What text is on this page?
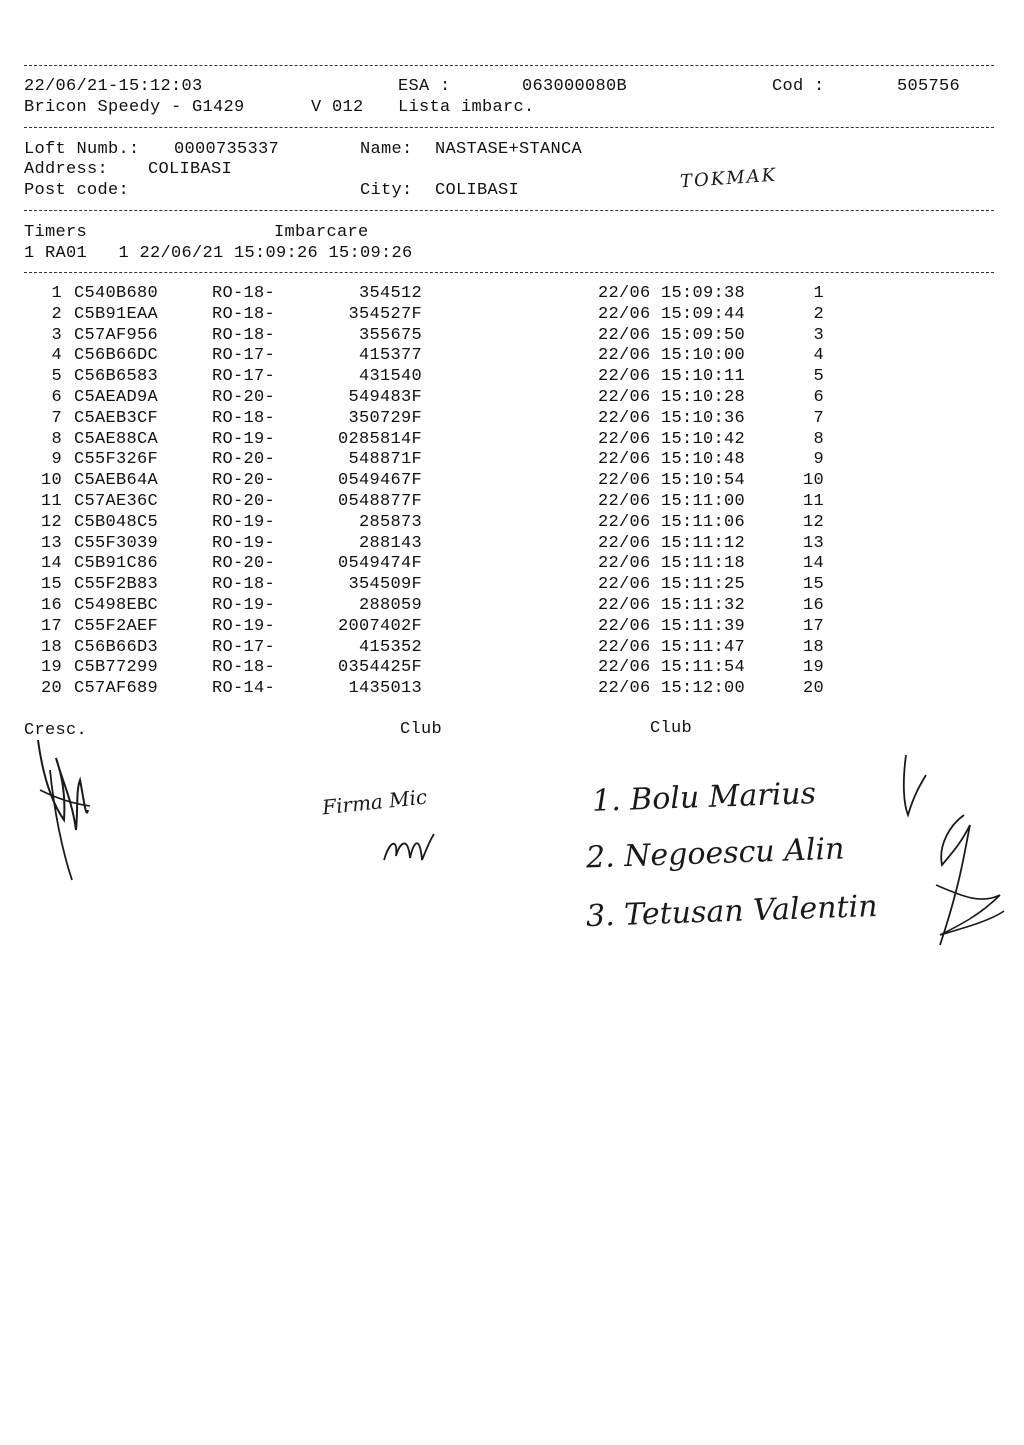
22/06/21-15:12:03	ESA :	063000080B	Cod :	505756
Bricon Speedy - G1429	V 012 Lista imbarc.
Loft Numb.: 0000735337	Name: NASTASE+STANCA
Address: COLIBASI
Post code:	City: COLIBASI	TOKMAK
Timers	Imbarcare
1 RA01   1 22/06/21 15:09:26 15:09:26
1 C540B680	RO-18-	354512	22/06 15:09:38	1
2 C5B91EAA	RO-18-	354527F	22/06 15:09:44	2
3 C57AF956	RO-18-	355675	22/06 15:09:50	3
4 C56B66DC	RO-17-	415377	22/06 15:10:00	4
5 C56B6583	RO-17-	431540	22/06 15:10:11	5
6 C5AEAD9A	RO-20-	549483F	22/06 15:10:28	6
7 C5AEB3CF	RO-18-	350729F	22/06 15:10:36	7
8 C5AE88CA	RO-19-	0285814F	22/06 15:10:42	8
9 C55F326F	RO-20-	548871F	22/06 15:10:48	9
10 C5AEB64A	RO-20-	0549467F	22/06 15:10:54	10
11 C57AE36C	RO-20-	0548877F	22/06 15:11:00	11
12 C5B048C5	RO-19-	285873	22/06 15:11:06	12
13 C55F3039	RO-19-	288143	22/06 15:11:12	13
14 C5B91C86	RO-20-	0549474F	22/06 15:11:18	14
15 C55F2B83	RO-18-	354509F	22/06 15:11:25	15
16 C5498EBC	RO-19-	288059	22/06 15:11:32	16
17 C55F2AEF	RO-19-	2007402F	22/06 15:11:39	17
18 C56B66D3	RO-17-	415352	22/06 15:11:47	18
19 C5B77299	RO-18-	0354425F	22/06 15:11:54	19
20 C57AF689	RO-14-	1435013	22/06 15:12:00	20
Cresc.	Club	Club
Firma Mic	1. Bolu Marius
2. Negoescu Alin
3. Tetusan Valentin
